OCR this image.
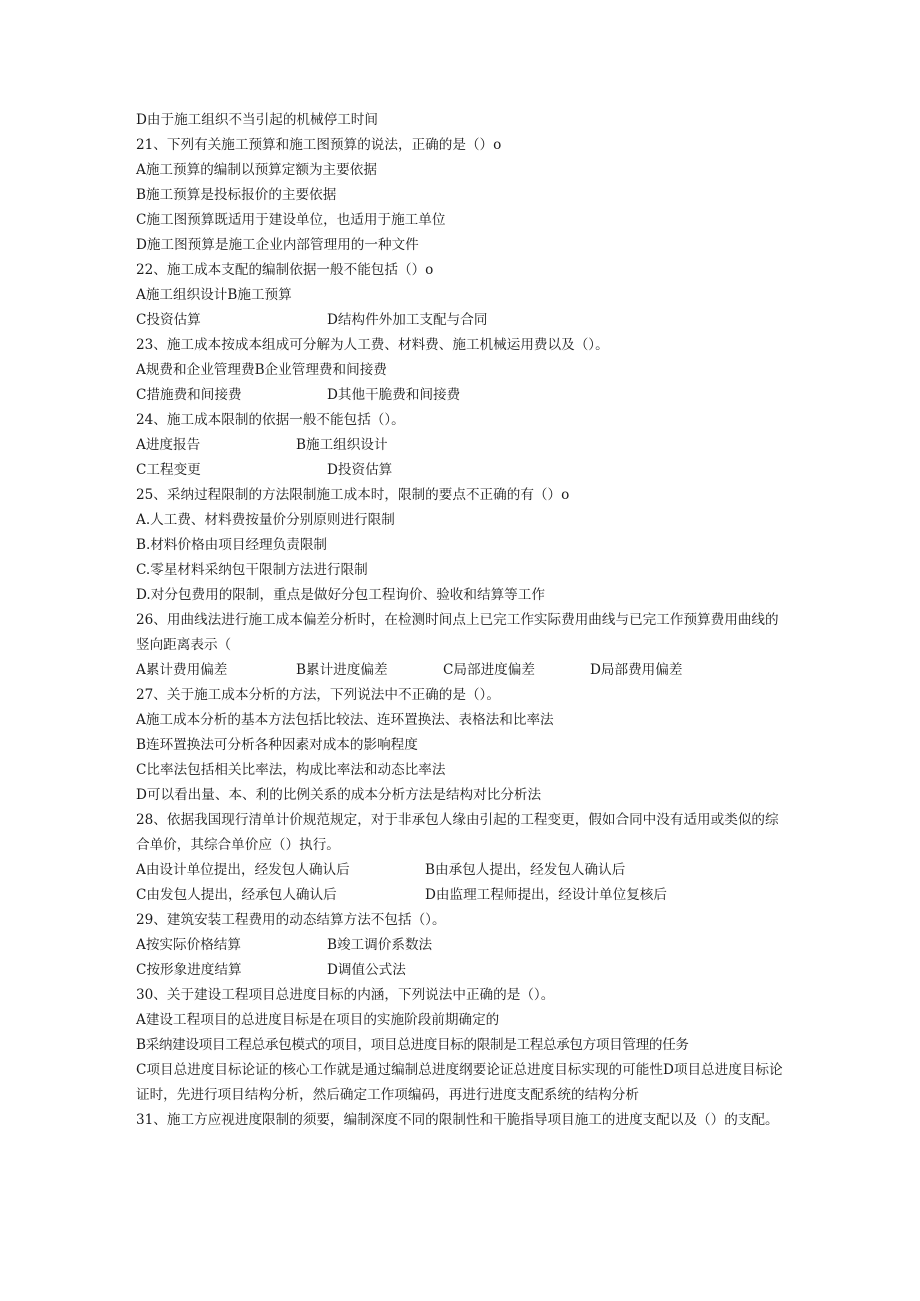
D由于施工组织不当引起的机械停工时间
21、下列有关施工预算和施工图预算的说法，正确的是（）o
A施工预算的编制以预算定额为主要依据
B施工预算是投标报价的主要依据
C施工图预算既适用于建设单位，也适用于施工单位
D施工图预算是施工企业内部管理用的一种文件
22、施工成本支配的编制依据一般不能包括（）o
A施工组织设计B施工预算
C投资估算	D结构件外加工支配与合同
23、施工成本按成本组成可分解为人工费、材料费、施工机械运用费以及（）。
A规费和企业管理费B企业管理费和间接费
C措施费和间接费	D其他干脆费和间接费
24、施工成本限制的依据一般不能包括（）。
A进度报告	B施工组织设计
C工程变更	D投资估算
25、采纳过程限制的方法限制施工成本时，限制的要点不正确的有（）o
A.人工费、材料费按量价分别原则进行限制
B.材料价格由项目经理负责限制
C.零星材料采纳包干限制方法进行限制
D.对分包费用的限制，重点是做好分包工程询价、验收和结算等工作
26、用曲线法进行施工成本偏差分析时，在检测时间点上已完工作实际费用曲线与已完工作预算费用曲线的竖向距离表示（
A累计费用偏差	B累计进度偏差	C局部进度偏差	D局部费用偏差
27、关于施工成本分析的方法，下列说法中不正确的是（）。
A施工成本分析的基本方法包括比较法、连环置换法、表格法和比率法
B连环置换法可分析各种因素对成本的影响程度
C比率法包括相关比率法，构成比率法和动态比率法
D可以看出量、本、利的比例关系的成本分析方法是结构对比分析法
28、依据我国现行清单计价规范规定，对于非承包人缘由引起的工程变更，假如合同中没有适用或类似的综合单价，其综合单价应（）执行。
A由设计单位提出，经发包人确认后	B由承包人提出，经发包人确认后
C由发包人提出，经承包人确认后	D由监理工程师提出，经设计单位复核后
29、建筑安装工程费用的动态结算方法不包括（）。
A按实际价格结算	B竣工调价系数法
C按形象进度结算	D调值公式法
30、关于建设工程项目总进度目标的内涵，下列说法中正确的是（）。
A建设工程项目的总进度目标是在项目的实施阶段前期确定的
B采纳建设项目工程总承包模式的项目，项目总进度目标的限制是工程总承包方项目管理的任务
C项目总进度目标论证的核心工作就是通过编制总进度纲要论证总进度目标实现的可能性D项目总进度目标论证时，先进行项目结构分析，然后确定工作项编码，再进行进度支配系统的结构分析
31、施工方应视进度限制的须要，编制深度不同的限制性和干脆指导项目施工的进度支配以及（）的支配。
